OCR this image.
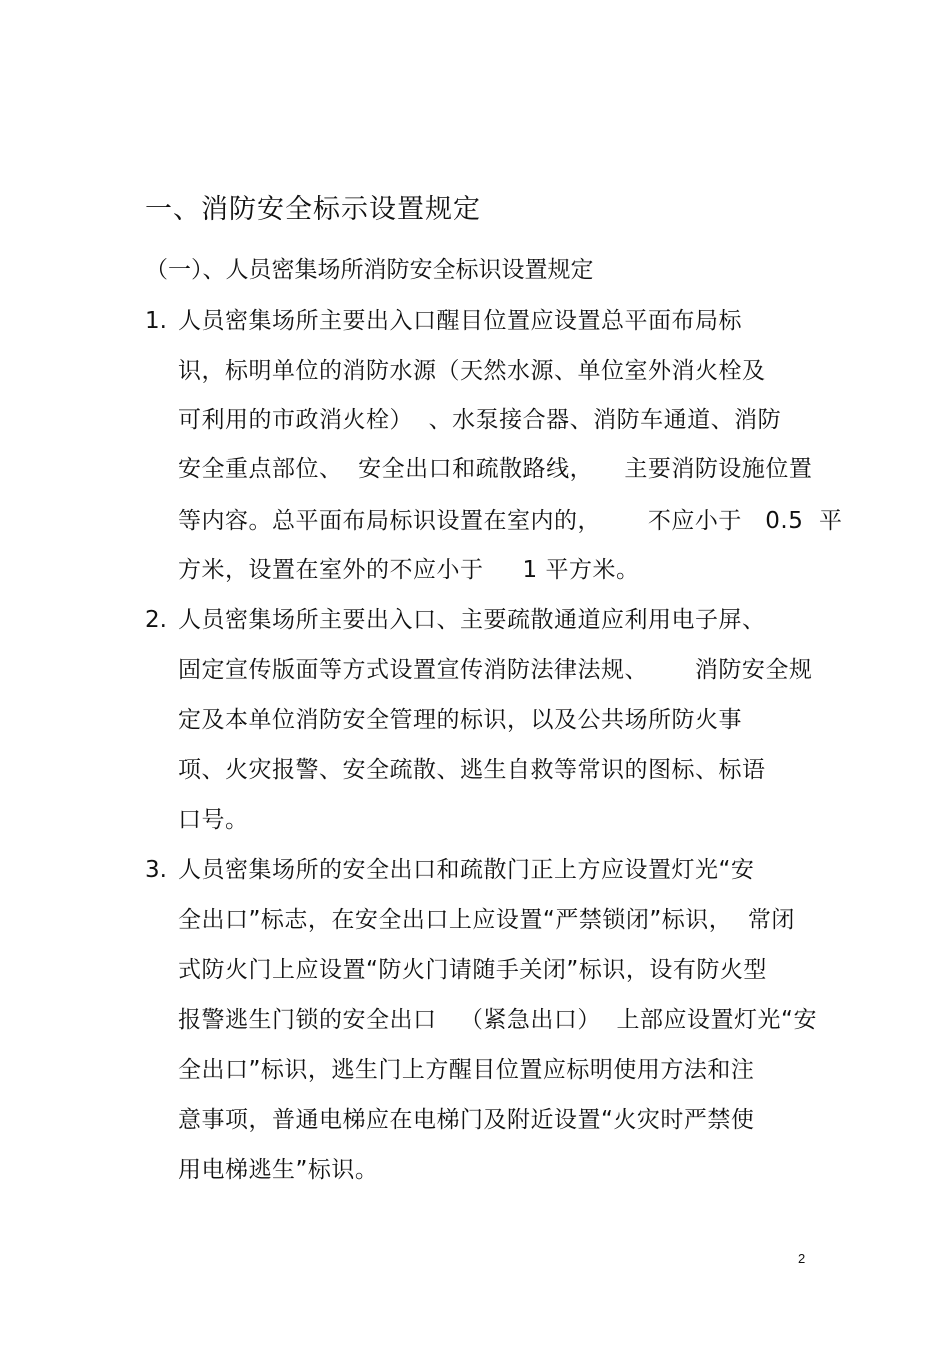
一、消防安全标示设置规定
（一）、人员密集场所消防安全标识设置规定
1. 人员密集场所主要出入口醒目位置应设置总平面布局标
识，标明单位的消防水源（天然水源、单位室外消火栓及
可利用的市政消火栓）  、水泵接合器、消防车通道、消防
安全重点部位、  安全出口和疏散路线，    主要消防设施位置
等内容。总平面布局标识设置在室内的，      不应小于   0.5  平
方米，设置在室外的不应小于     1 平方米。
2. 人员密集场所主要出入口、主要疏散通道应利用电子屏、
固定宣传版面等方式设置宣传消防法律法规、      消防安全规
定及本单位消防安全管理的标识，以及公共场所防火事
项、火灾报警、安全疏散、逃生自救等常识的图标、标语
口号。
3. 人员密集场所的安全出口和疏散门正上方应设置灯光“安
全出口”标志，在安全出口上应设置“严禁锁闭”标识，  常闭
式防火门上应设置“防火门请随手关闭”标识，设有防火型
报警逃生门锁的安全出口   （紧急出口）  上部应设置灯光“安
全出口”标识，逃生门上方醒目位置应标明使用方法和注
意事项，普通电梯应在电梯门及附近设置“火灾时严禁使
用电梯逃生”标识。
2
